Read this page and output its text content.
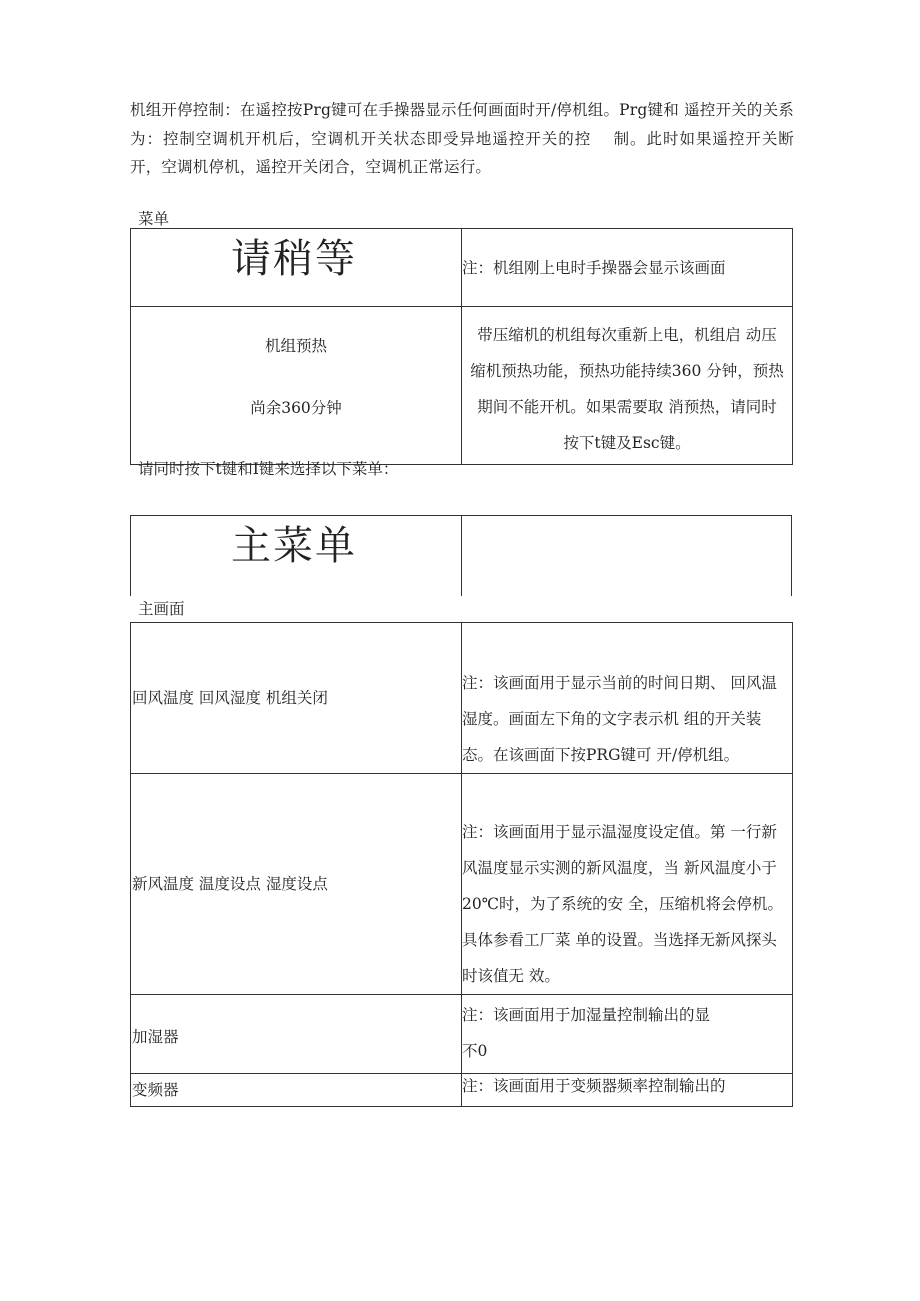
机组开停控制：在遥控按Prg键可在手操器显示任何画面时开/停机组。Prg键和 遥控开关的关系为：控制空调机开机后，空调机开关状态即受异地遥控开关的控　 制。此时如果遥控开关断开，空调机停机，遥控开关闭合，空调机正常运行。
菜单
请稍等	注：机组刚上电时手操器会显示该画面

机组预热
尚余360分钟	带压缩机的机组每次重新上电，机组启 动压缩机预热功能，预热功能持续360 分钟，预热期间不能开机。如果需要取 消预热，请同时按下t键及Esc键。
请同时按下t键和I键来选择以下菜单：
主菜单

主画面
回风温度 回风湿度 机组关闭	注：该画面用于显示当前的时间日期、 回风温湿度。画面左下角的文字表示机 组的开关装态。在该画面下按PRG键可 开/停机组。

新风温度 温度设点 湿度设点	注：该画面用于显示温湿度设定值。第 一行新风温度显示实测的新风温度，当 新风温度小于20℃时，为了系统的安 全，压缩机将会停机。具体参看工厂菜 单的设置。当选择无新风探头时该值无 效。

加湿器	注：该画面用于加湿量控制输出的显
不0

变频器	注：该画面用于变频器频率控制输出的
